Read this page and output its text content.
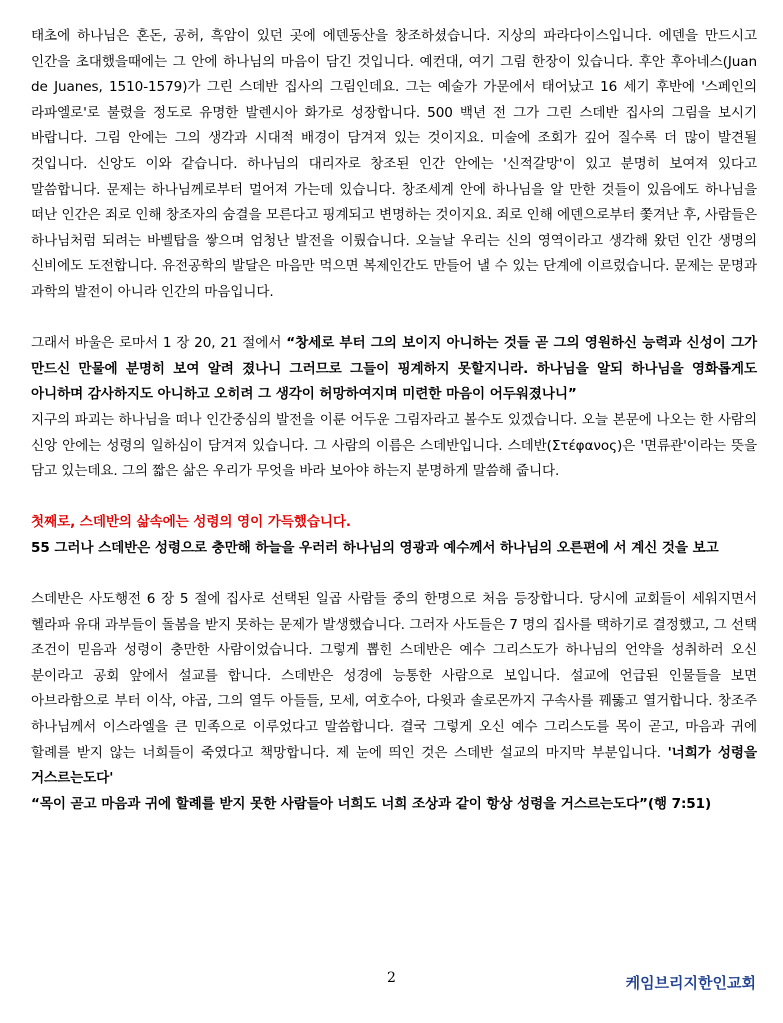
태초에 하나님은 혼돈, 공허, 흑암이 있던 곳에 에덴동산을 창조하셨습니다. 지상의 파라다이스입니다. 에덴을 만드시고 인간을 초대했을때에는 그 안에 하나님의 마음이 담긴 것입니다. 예컨대, 여기 그림 한장이 있습니다. 후안 후아네스(Juan de Juanes, 1510-1579)가 그린 스데반 집사의 그림인데요. 그는 예술가 가문에서 태어났고 16 세기 후반에 '스페인의 라파엘로'로 불렸을 정도로 유명한 발렌시아 화가로 성장합니다. 500 백년 전 그가 그린 스데반 집사의 그림을 보시기 바랍니다. 그림 안에는 그의 생각과 시대적 배경이 담겨져 있는 것이지요. 미술에 조회가 깊어 질수록 더 많이 발견될 것입니다. 신앙도 이와 같습니다. 하나님의 대리자로 창조된 인간 안에는 '신적갈망'이 있고 분명히 보여져 있다고 말씀합니다. 문제는 하나님께로부터 멀어져 가는데 있습니다. 창조세계 안에 하나님을 알 만한 것들이 있음에도 하나님을 떠난 인간은 죄로 인해 창조자의 숨결을 모른다고 핑계되고 변명하는 것이지요. 죄로 인해 에덴으로부터 쫓겨난 후, 사람들은 하나님처럼 되려는 바벨탑을 쌓으며 엄청난 발전을 이뤘습니다. 오늘날 우리는 신의 영역이라고 생각해 왔던 인간 생명의 신비에도 도전합니다. 유전공학의 발달은 마음만 먹으면 복제인간도 만들어 낼 수 있는 단계에 이르렀습니다. 문제는 문명과 과학의 발전이 아니라 인간의 마음입니다.

그래서 바울은 로마서 1 장 20, 21 절에서 “창세로 부터 그의 보이지 아니하는 것들 곧 그의 영원하신 능력과 신성이 그가 만드신 만물에 분명히 보여 알려 졌나니 그러므로 그들이 핑계하지 못할지니라. 하나님을 알되 하나님을 영화롭게도 아니하며 감사하지도 아니하고 오히려 그 생각이 허망하여지며 미련한 마음이 어두워졌나니”

지구의 파괴는 하나님을 떠나 인간중심의 발전을 이룬 어두운 그림자라고 볼수도 있겠습니다. 오늘 본문에 나오는 한 사람의 신앙 안에는 성령의 일하심이 담겨져 있습니다. 그 사람의 이름은 스데반입니다. 스데반(Στέφανος)은 '면류관'이라는 뜻을 담고 있는데요. 그의 짧은 삶은 우리가 무엇을 바라 보아야 하는지 분명하게 말씀해 줍니다.

첫째로, 스데반의 삶속에는 성령의 영이 가득했습니다.

55 그러나 스데반은 성령으로 충만해 하늘을 우러러 하나님의 영광과 예수께서 하나님의 오른편에 서 계신 것을 보고

스데반은 사도행전 6 장 5 절에 집사로 선택된 일곱 사람들 중의 한명으로 처음 등장합니다. 당시에 교회들이 세워지면서 헬라파 유대 과부들이 돌봄을 받지 못하는 문제가 발생했습니다. 그러자 사도들은 7 명의 집사를 택하기로 결정했고, 그 선택 조건이 믿음과 성령이 충만한 사람이었습니다. 그렇게 뽑힌 스데반은 예수 그리스도가 하나님의 언약을 성취하러 오신 분이라고 공회 앞에서 설교를 합니다. 스데반은 성경에 능통한 사람으로 보입니다. 설교에 언급된 인물들을 보면 아브라함으로 부터 이삭, 야곱, 그의 열두 아들들, 모세, 여호수아, 다윗과 솔로몬까지 구속사를 꿰뚫고 열거합니다. 창조주 하나님께서 이스라엘을 큰 민족으로 이루었다고 말씀합니다. 결국 그렇게 오신 예수 그리스도를 목이 곧고, 마음과 귀에 할례를 받지 않는 너희들이 죽였다고 책망합니다. 제 눈에 띄인 것은 스데반 설교의 마지막 부분입니다. '너희가 성령을 거스르는도다'

“목이 곧고 마음과 귀에 할례를 받지 못한 사람들아 너희도 너희 조상과 같이 항상 성령을 거스르는도다”(행 7:51)

2	케임브리지한인교회
